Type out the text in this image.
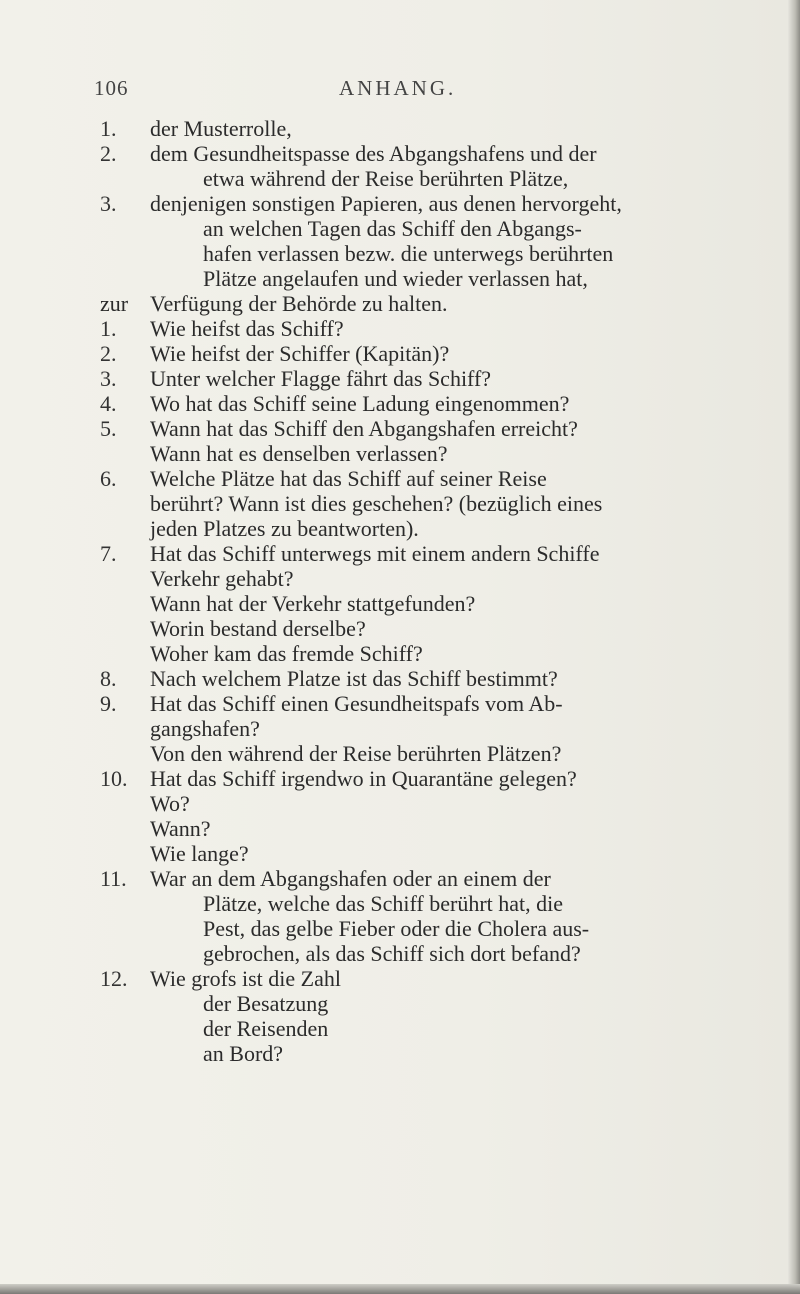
106	ANHANG.
1.	der Musterrolle,
2.	dem Gesundheitspasse des Abgangshafens und der
etwa während der Reise berührten Plätze,
3.	denjenigen sonstigen Papieren, aus denen hervorgeht,
an welchen Tagen das Schiff den Abgangs-
hafen verlassen bezw. die unterwegs berührten
Plätze angelaufen und wieder verlassen hat,
zur Verfügung der Behörde zu halten.
1.	Wie heifst das Schiff?
2.	Wie heifst der Schiffer (Kapitän)?
3.	Unter welcher Flagge fährt das Schiff?
4.	Wo hat das Schiff seine Ladung eingenommen?
5.	Wann hat das Schiff den Abgangshafen erreicht?
Wann hat es denselben verlassen?
6.	Welche Plätze hat das Schiff auf seiner Reise
berührt? Wann ist dies geschehen? (bezüglich eines
jeden Platzes zu beantworten).
7.	Hat das Schiff unterwegs mit einem andern Schiffe
Verkehr gehabt?
Wann hat der Verkehr stattgefunden?
Worin bestand derselbe?
Woher kam das fremde Schiff?
8.	Nach welchem Platze ist das Schiff bestimmt?
9.	Hat das Schiff einen Gesundheitspafs vom Ab-
gangshafen?
Von den während der Reise berührten Plätzen?
10.	Hat das Schiff irgendwo in Quarantäne gelegen?
Wo?
Wann?
Wie lange?
11.	War an dem Abgangshafen oder an einem der
Plätze, welche das Schiff berührt hat, die
Pest, das gelbe Fieber oder die Cholera aus-
gebrochen, als das Schiff sich dort befand?
12.	Wie grofs ist die Zahl
der Besatzung
der Reisenden
an Bord?
